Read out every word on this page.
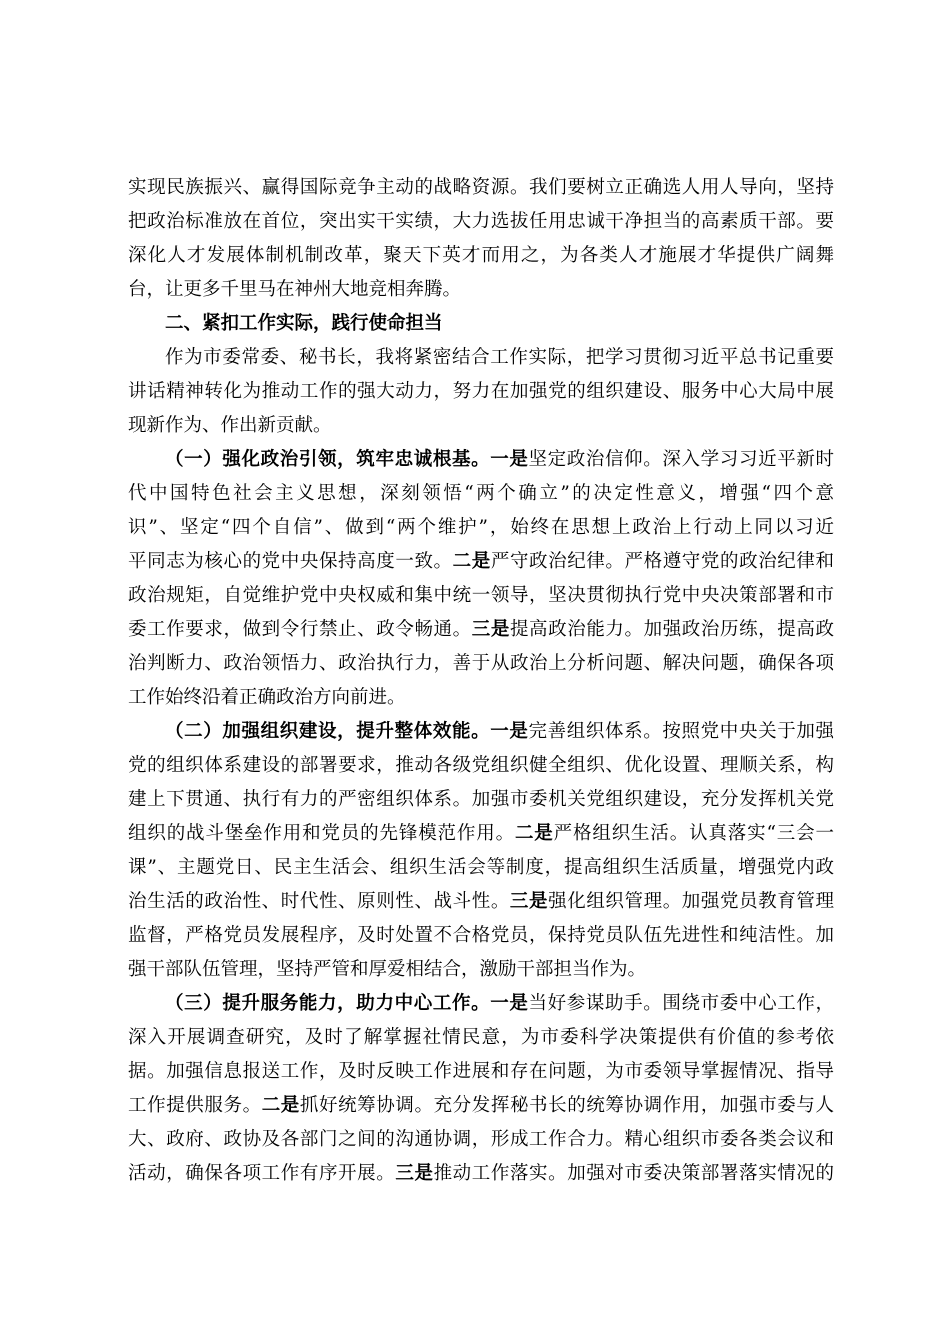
实现民族振兴、赢得国际竞争主动的战略资源。我们要树立正确选人用人导向，坚持
把政治标准放在首位，突出实干实绩，大力选拔任用忠诚干净担当的高素质干部。要
深化人才发展体制机制改革，聚天下英才而用之，为各类人才施展才华提供广阔舞
台，让更多千里马在神州大地竞相奔腾。
二、紧扣工作实际，践行使命担当
作为市委常委、秘书长，我将紧密结合工作实际，把学习贯彻习近平总书记重要
讲话精神转化为推动工作的强大动力，努力在加强党的组织建设、服务中心大局中展
现新作为、作出新贡献。
（一）强化政治引领，筑牢忠诚根基。一是坚定政治信仰。深入学习习近平新时
代中国特色社会主义思想，深刻领悟“两个确立”的决定性意义，增强“四个意
识”、坚定“四个自信”、做到“两个维护”，始终在思想上政治上行动上同以习近
平同志为核心的党中央保持高度一致。二是严守政治纪律。严格遵守党的政治纪律和
政治规矩，自觉维护党中央权威和集中统一领导，坚决贯彻执行党中央决策部署和市
委工作要求，做到令行禁止、政令畅通。三是提高政治能力。加强政治历练，提高政
治判断力、政治领悟力、政治执行力，善于从政治上分析问题、解决问题，确保各项
工作始终沿着正确政治方向前进。
（二）加强组织建设，提升整体效能。一是完善组织体系。按照党中央关于加强
党的组织体系建设的部署要求，推动各级党组织健全组织、优化设置、理顺关系，构
建上下贯通、执行有力的严密组织体系。加强市委机关党组织建设，充分发挥机关党
组织的战斗堡垒作用和党员的先锋模范作用。二是严格组织生活。认真落实“三会一
课”、主题党日、民主生活会、组织生活会等制度，提高组织生活质量，增强党内政
治生活的政治性、时代性、原则性、战斗性。三是强化组织管理。加强党员教育管理
监督，严格党员发展程序，及时处置不合格党员，保持党员队伍先进性和纯洁性。加
强干部队伍管理，坚持严管和厚爱相结合，激励干部担当作为。
（三）提升服务能力，助力中心工作。一是当好参谋助手。围绕市委中心工作，
深入开展调查研究，及时了解掌握社情民意，为市委科学决策提供有价值的参考依
据。加强信息报送工作，及时反映工作进展和存在问题，为市委领导掌握情况、指导
工作提供服务。二是抓好统筹协调。充分发挥秘书长的统筹协调作用，加强市委与人
大、政府、政协及各部门之间的沟通协调，形成工作合力。精心组织市委各类会议和
活动，确保各项工作有序开展。三是推动工作落实。加强对市委决策部署落实情况的
